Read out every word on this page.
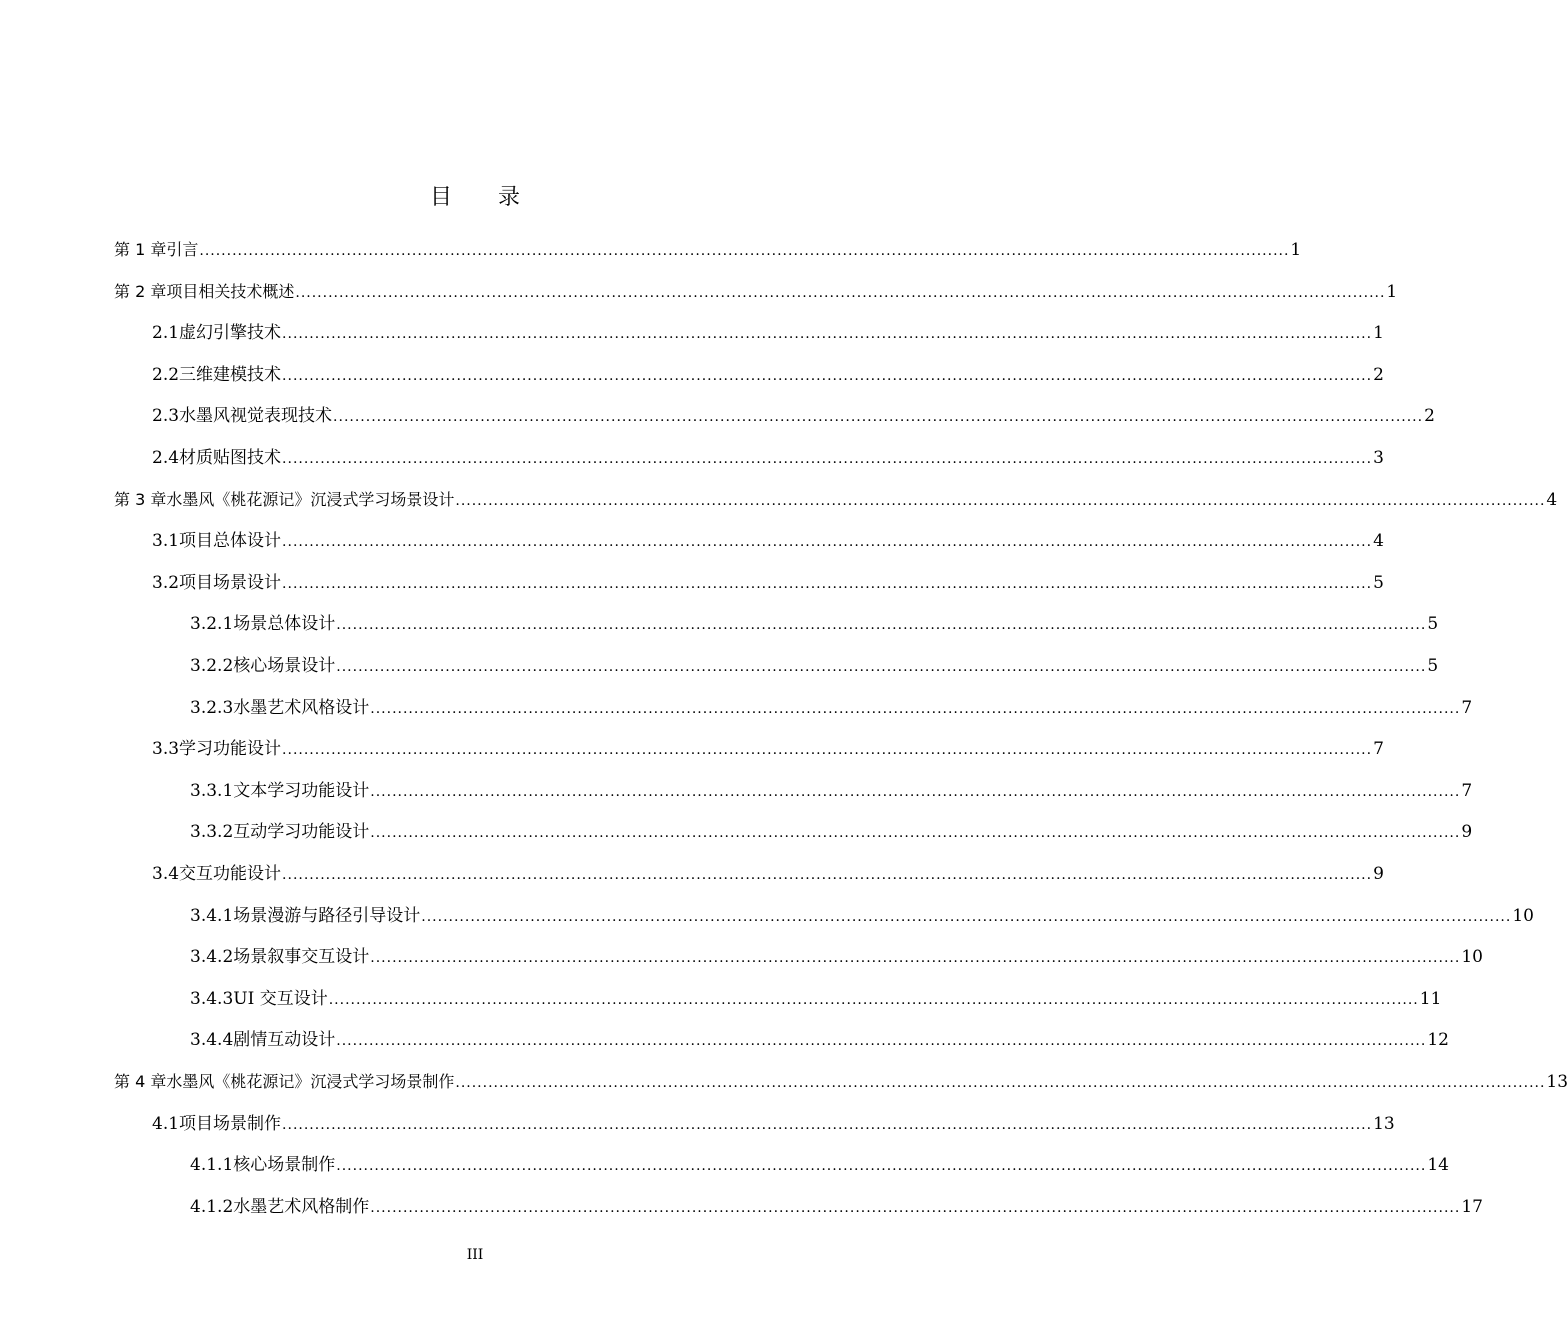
目 录
第 1 章 引言 ........................................................................................................................................................................................................ 1
第 2 章 项目相关技术概述 ........................................................................................................................................................................................................ 1
2.1 虚幻引擎技术 ........................................................................................................................................................................................................ 1
2.2 三维建模技术 ........................................................................................................................................................................................................ 2
2.3 水墨风视觉表现技术 ........................................................................................................................................................................................................ 2
2.4 材质贴图技术 ........................................................................................................................................................................................................ 3
第 3 章 水墨风《桃花源记》沉浸式学习场景设计 ........................................................................................................................................................................................................ 4
3.1 项目总体设计 ........................................................................................................................................................................................................ 4
3.2 项目场景设计 ........................................................................................................................................................................................................ 5
3.2.1 场景总体设计 ........................................................................................................................................................................................................ 5
3.2.2 核心场景设计 ........................................................................................................................................................................................................ 5
3.2.3 水墨艺术风格设计 ........................................................................................................................................................................................................ 7
3.3 学习功能设计 ........................................................................................................................................................................................................ 7
3.3.1 文本学习功能设计 ........................................................................................................................................................................................................ 7
3.3.2 互动学习功能设计 ........................................................................................................................................................................................................ 9
3.4 交互功能设计 ........................................................................................................................................................................................................ 9
3.4.1 场景漫游与路径引导设计 ........................................................................................................................................................................................................ 10
3.4.2 场景叙事交互设计 ........................................................................................................................................................................................................ 10
3.4.3 UI 交互设计 ........................................................................................................................................................................................................ 11
3.4.4 剧情互动设计 ........................................................................................................................................................................................................ 12
第 4 章 水墨风《桃花源记》沉浸式学习场景制作 ........................................................................................................................................................................................................ 13
4.1 项目场景制作 ........................................................................................................................................................................................................ 13
4.1.1 核心场景制作 ........................................................................................................................................................................................................ 14
4.1.2 水墨艺术风格制作 ........................................................................................................................................................................................................ 17
III
